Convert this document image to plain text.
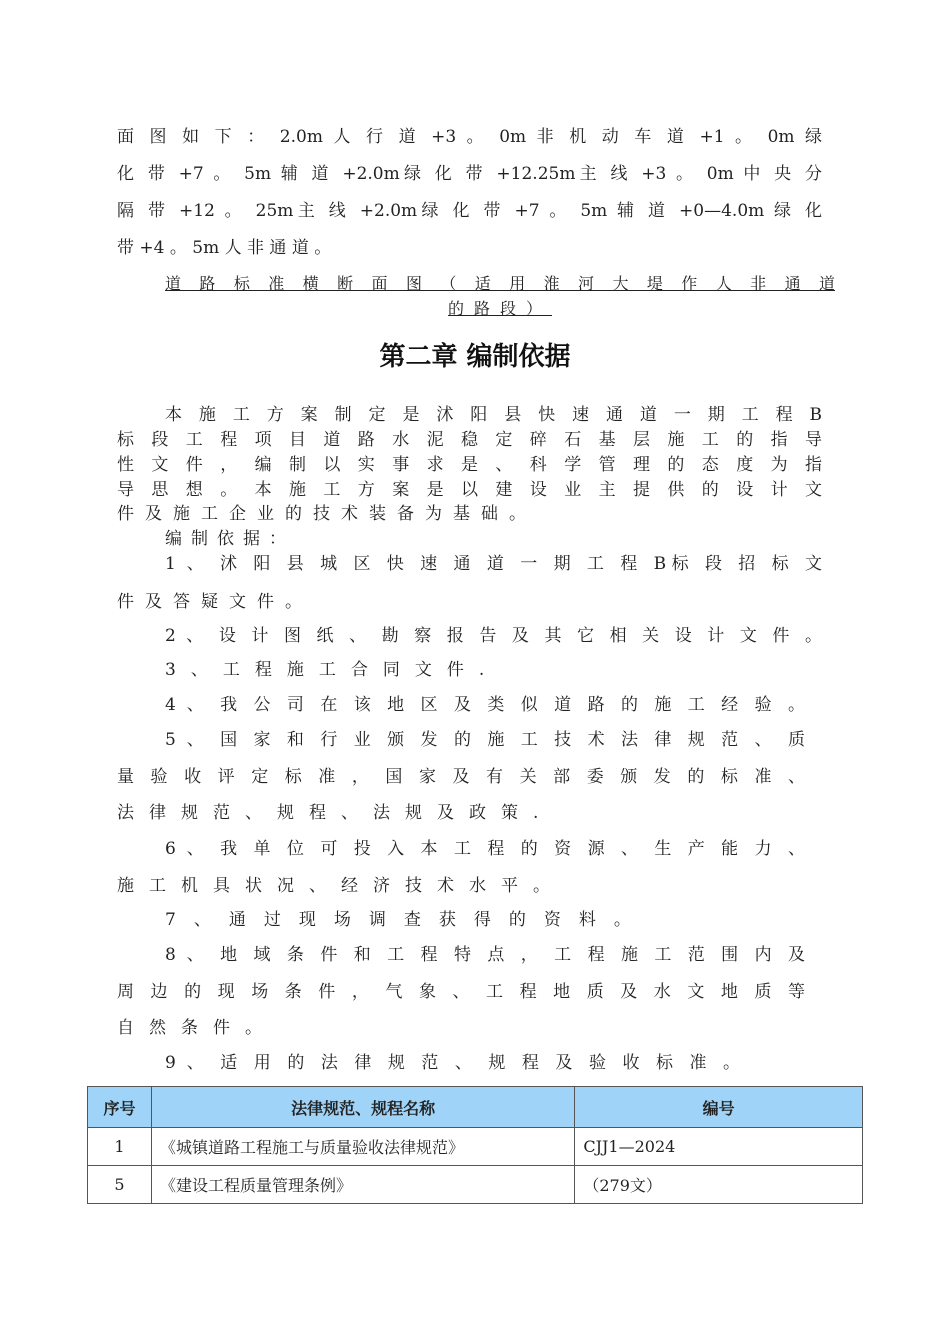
面 图 如 下 ： 2.0m 人 行 道 +3 。 0m 非 机 动 车 道 +1 。 0m 绿
化 带 +7 。 5m 辅 道 +2.0m绿 化 带 +12.25m主 线 +3 。 0m 中 央 分
隔 带 +12 。 25m主 线 +2.0m绿 化 带 +7 。 5m 辅 道 +0—4.0m 绿 化
带 +4 。 5m 人 非 通 道 。
道 路 标 准 横 断 面 图 （ 适 用 淮 河 大 堤 作 人 非 通 道
的路段）
第二章 编制依据
本 施 工 方 案 制 定 是 沭 阳 县 快 速 通 道 一 期 工 程 B
标 段 工 程 项 目 道 路 水 泥 稳 定 碎 石 基 层 施 工 的 指 导
性 文 件 ， 编 制 以 实 事 求 是 、 科 学 管 理 的 态 度 为 指
导 思 想 。 本 施 工 方 案 是 以 建 设 业 主 提 供 的 设 计 文
件及施工企业的技术装备为基础。
编制依据：
1 、 沭 阳 县 城 区 快 速 通 道 一 期 工 程 B标 段 招 标 文
件及答疑文件。
2 、 设 计 图 纸 、 勘 察 报 告 及 其 它 相 关 设 计 文 件 。
3、工程施工合同文件.
4 、 我 公 司 在 该 地 区 及 类 似 道 路 的 施 工 经 验 。
5 、 国 家 和 行 业 颁 发 的 施 工 技 术 法 律 规 范 、 质
量 验 收 评 定 标 准 ， 国 家 及 有 关 部 委 颁 发 的 标 准 、
法律规范、规程、法规及政策.
6 、 我 单 位 可 投 入 本 工 程 的 资 源 、 生 产 能 力 、
施工机具状况、经济技术水平。
7、通过现场调查获得的资料。
8 、 地 域 条 件 和 工 程 特 点 ， 工 程 施 工 范 围 内 及
周 边 的 现 场 条 件 ， 气 象 、 工 程 地 质 及 水 文 地 质 等
自然条件。
9 、 适 用 的 法 律 规 范 、 规 程 及 验 收 标 准 。
序号	法律规范、规程名称	编号
1	《城镇道路工程施工与质量验收法律规范》	CJJ1—2024
5	《建设工程质量管理条例》	（279文）
